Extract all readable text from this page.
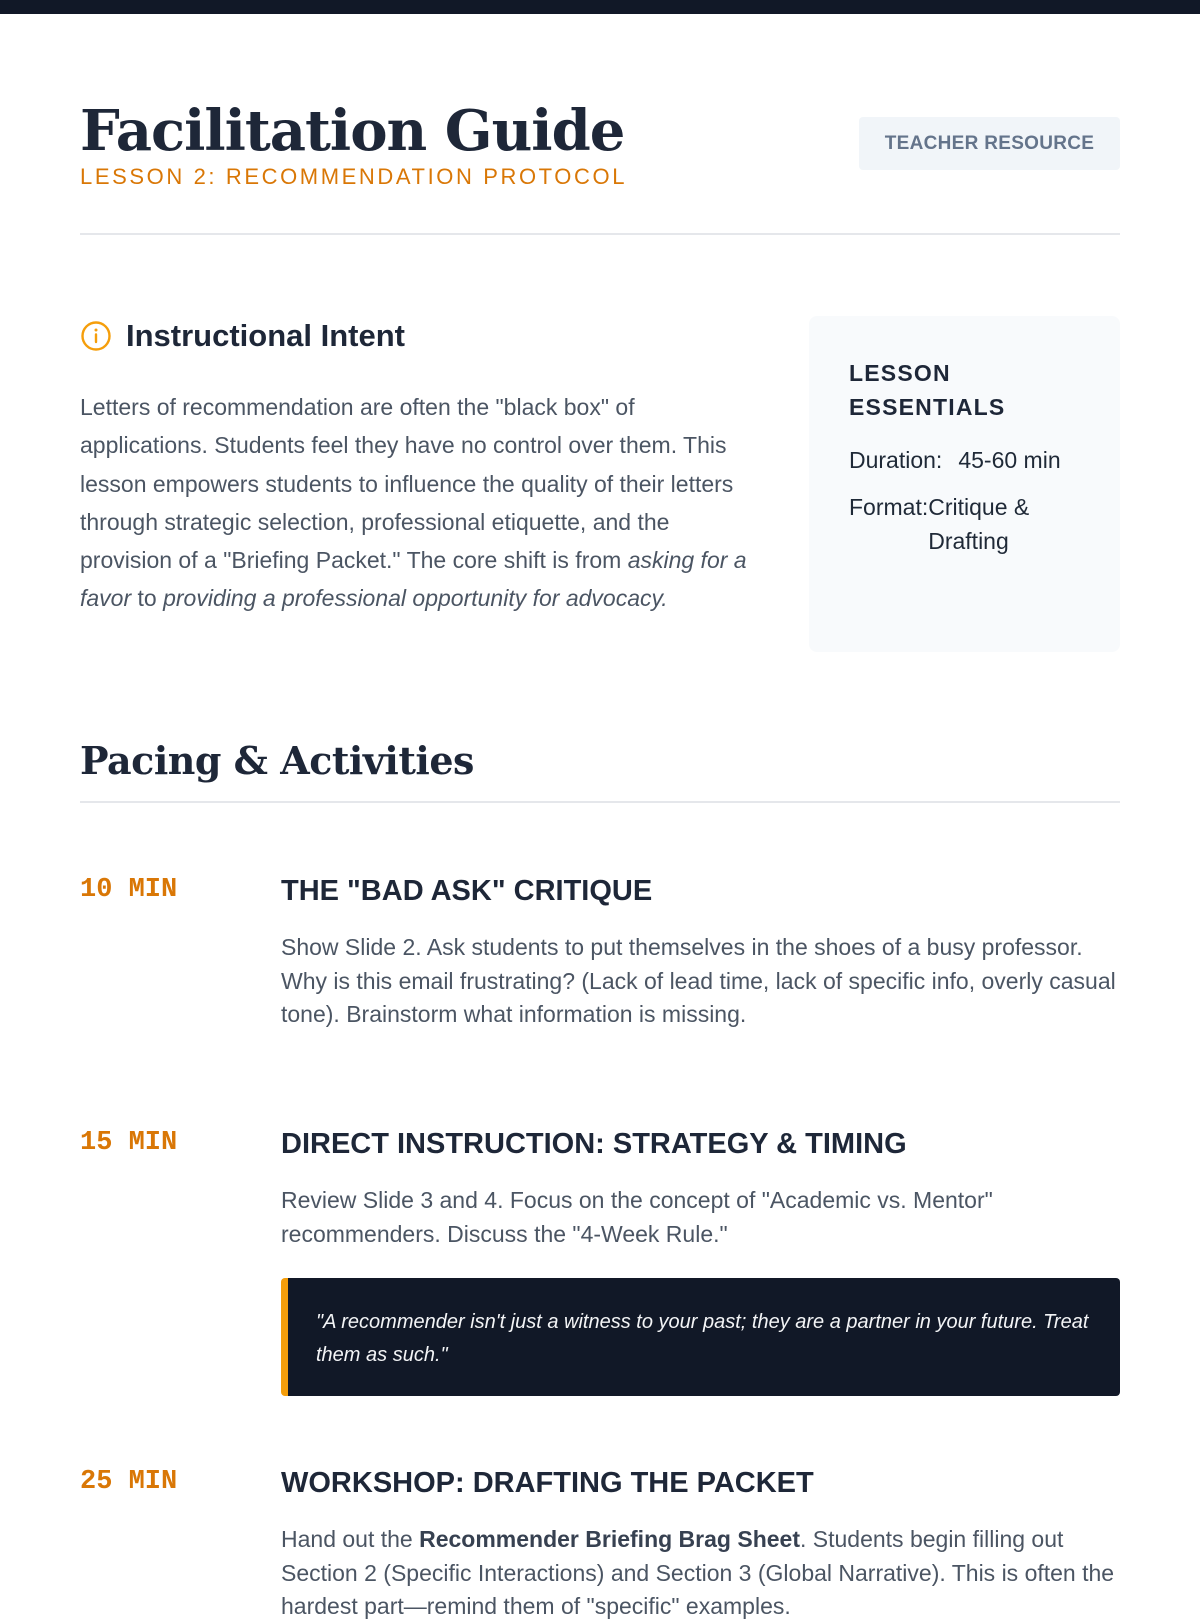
Facilitation Guide
LESSON 2: RECOMMENDATION PROTOCOL
TEACHER RESOURCE
Instructional Intent

Letters of recommendation are often the "black box" of applications. Students feel they have no control over them. This lesson empowers students to influence the quality of their letters through strategic selection, professional etiquette, and the provision of a "Briefing Packet." The core shift is from asking for a favor to providing a professional opportunity for advocacy.

LESSON ESSENTIALS
Duration: 45-60 min
Format: Critique & Drafting
Pacing & Activities
10 MIN	THE "BAD ASK" CRITIQUE

Show Slide 2. Ask students to put themselves in the shoes of a busy professor. Why is this email frustrating? (Lack of lead time, lack of specific info, overly casual tone). Brainstorm what information is missing.

15 MIN	DIRECT INSTRUCTION: STRATEGY & TIMING

Review Slide 3 and 4. Focus on the concept of "Academic vs. Mentor" recommenders. Discuss the "4-Week Rule."

"A recommender isn't just a witness to your past; they are a partner in your future. Treat them as such."
25 MIN	WORKSHOP: DRAFTING THE PACKET

Hand out the Recommender Briefing Brag Sheet. Students begin filling out Section 2 (Specific Interactions) and Section 3 (Global Narrative). This is often the hardest part—remind them of "specific" examples.
